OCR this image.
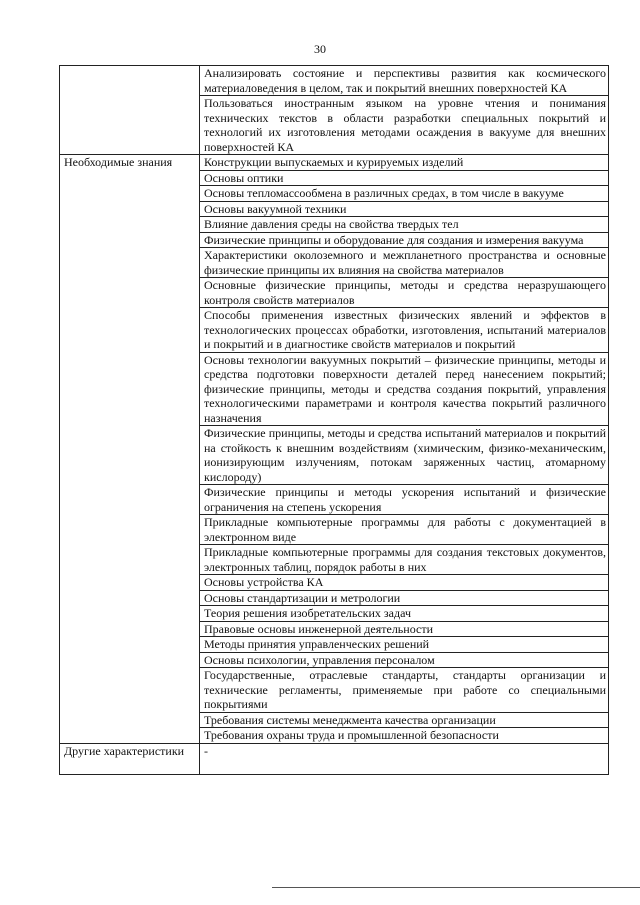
30
	Анализировать состояние и перспективы развития как космического материаловедения в целом, так и покрытий внешних поверхностей КА
	Пользоваться иностранным языком на уровне чтения и понимания технических текстов в области разработки специальных покрытий и технологий их изготовления методами осаждения в вакууме для внешних поверхностей КА
Необходимые знания	Конструкции выпускаемых и курируемых изделий
	Основы оптики
	Основы тепломассообмена в различных средах, в том числе в вакууме
	Основы вакуумной техники
	Влияние давления среды на свойства твердых тел
	Физические принципы и оборудование для создания и измерения вакуума
	Характеристики околоземного и межпланетного пространства и основные физические принципы их влияния на свойства материалов
	Основные физические принципы, методы и средства неразрушающего контроля свойств материалов
	Способы применения известных физических явлений и эффектов в технологических процессах обработки, изготовления, испытаний материалов и покрытий и в диагностике свойств материалов и покрытий
	Основы технологии вакуумных покрытий – физические принципы, методы и средства подготовки поверхности деталей перед нанесением покрытий; физические принципы, методы и средства создания покрытий, управления технологическими параметрами и контроля качества покрытий различного назначения
	Физические принципы, методы и средства испытаний материалов и покрытий на стойкость к внешним воздействиям (химическим, физико-механическим, ионизирующим излучениям, потокам заряженных частиц, атомарному кислороду)
	Физические принципы и методы ускорения испытаний и физические ограничения на степень ускорения
	Прикладные компьютерные программы для работы с документацией в электронном виде
	Прикладные компьютерные программы для создания текстовых документов, электронных таблиц, порядок работы в них
	Основы устройства КА
	Основы стандартизации и метрологии
	Теория решения изобретательских задач
	Правовые основы инженерной деятельности
	Методы принятия управленческих решений
	Основы психологии, управления персоналом
	Государственные, отраслевые стандарты, стандарты организации и технические регламенты, применяемые при работе со специальными покрытиями
	Требования системы менеджмента качества организации
	Требования охраны труда и промышленной безопасности
Другие характеристики	-
